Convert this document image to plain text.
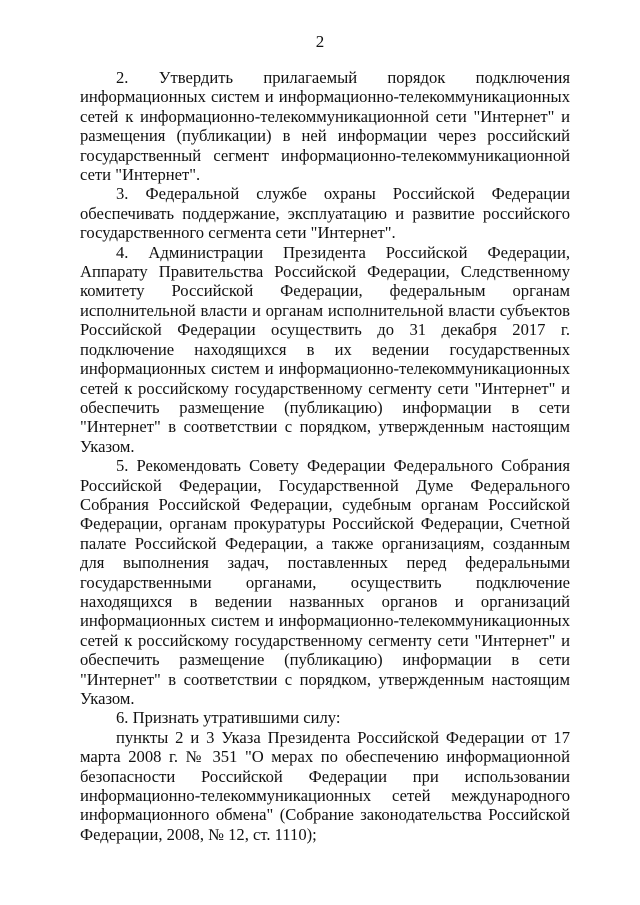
2

2. Утвердить прилагаемый порядок подключения информационных систем и информационно-телекоммуникационных сетей к информационно-телекоммуникационной сети "Интернет" и размещения (публикации) в ней информации через российский государственный сегмент информационно-телекоммуникационной сети "Интернет".

3. Федеральной службе охраны Российской Федерации обеспечивать поддержание, эксплуатацию и развитие российского государственного сегмента сети "Интернет".

4. Администрации Президента Российской Федерации, Аппарату Правительства Российской Федерации, Следственному комитету Российской Федерации, федеральным органам исполнительной власти и органам исполнительной власти субъектов Российской Федерации осуществить до 31 декабря 2017 г. подключение находящихся в их ведении государственных информационных систем и информационно-телекоммуникационных сетей к российскому государственному сегменту сети "Интернет" и обеспечить размещение (публикацию) информации в сети "Интернет" в соответствии с порядком, утвержденным настоящим Указом.

5. Рекомендовать Совету Федерации Федерального Собрания Российской Федерации, Государственной Думе Федерального Собрания Российской Федерации, судебным органам Российской Федерации, органам прокуратуры Российской Федерации, Счетной палате Российской Федерации, а также организациям, созданным для выполнения задач, поставленных перед федеральными государственными органами, осуществить подключение находящихся в ведении названных органов и организаций информационных систем и информационно-телекоммуникационных сетей к российскому государственному сегменту сети "Интернет" и обеспечить размещение (публикацию) информации в сети "Интернет" в соответствии с порядком, утвержденным настоящим Указом.

6. Признать утратившими силу:

пункты 2 и 3 Указа Президента Российской Федерации от 17 марта 2008 г. № 351 "О мерах по обеспечению информационной безопасности Российской Федерации при использовании информационно-телекоммуникационных сетей международного информационного обмена" (Собрание законодательства Российской Федерации, 2008, № 12, ст. 1110);
